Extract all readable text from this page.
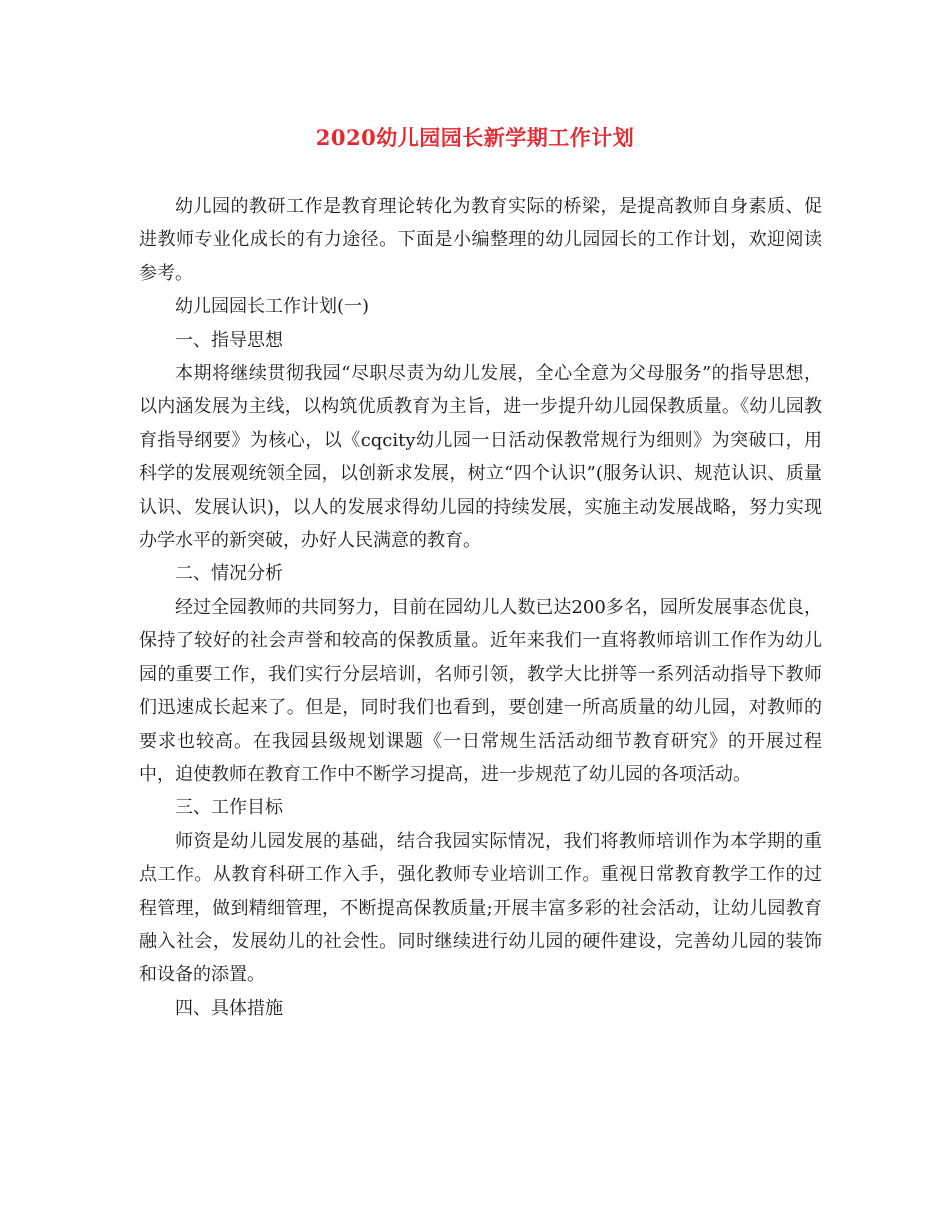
2020幼儿园园长新学期工作计划

幼儿园的教研工作是教育理论转化为教育实际的桥梁，是提高教师自身素质、促进教师专业化成长的有力途径。下面是小编整理的幼儿园园长的工作计划，欢迎阅读参考。

幼儿园园长工作计划(一)

一、指导思想

本期将继续贯彻我园“尽职尽责为幼儿发展，全心全意为父母服务”的指导思想，以内涵发展为主线，以构筑优质教育为主旨，进一步提升幼儿园保教质量。《幼儿园教育指导纲要》为核心，以《cqcity幼儿园一日活动保教常规行为细则》为突破口，用科学的发展观统领全园，以创新求发展，树立“四个认识”(服务认识、规范认识、质量认识、发展认识)，以人的发展求得幼儿园的持续发展，实施主动发展战略，努力实现办学水平的新突破，办好人民满意的教育。

二、情况分析

经过全园教师的共同努力，目前在园幼儿人数已达200多名，园所发展事态优良，保持了较好的社会声誉和较高的保教质量。近年来我们一直将教师培训工作作为幼儿园的重要工作，我们实行分层培训，名师引领，教学大比拼等一系列活动指导下教师们迅速成长起来了。但是，同时我们也看到，要创建一所高质量的幼儿园，对教师的要求也较高。在我园县级规划课题《一日常规生活活动细节教育研究》的开展过程中，迫使教师在教育工作中不断学习提高，进一步规范了幼儿园的各项活动。

三、工作目标

师资是幼儿园发展的基础，结合我园实际情况，我们将教师培训作为本学期的重点工作。从教育科研工作入手，强化教师专业培训工作。重视日常教育教学工作的过程管理，做到精细管理，不断提高保教质量;开展丰富多彩的社会活动，让幼儿园教育融入社会，发展幼儿的社会性。同时继续进行幼儿园的硬件建设，完善幼儿园的装饰和设备的添置。

四、具体措施
